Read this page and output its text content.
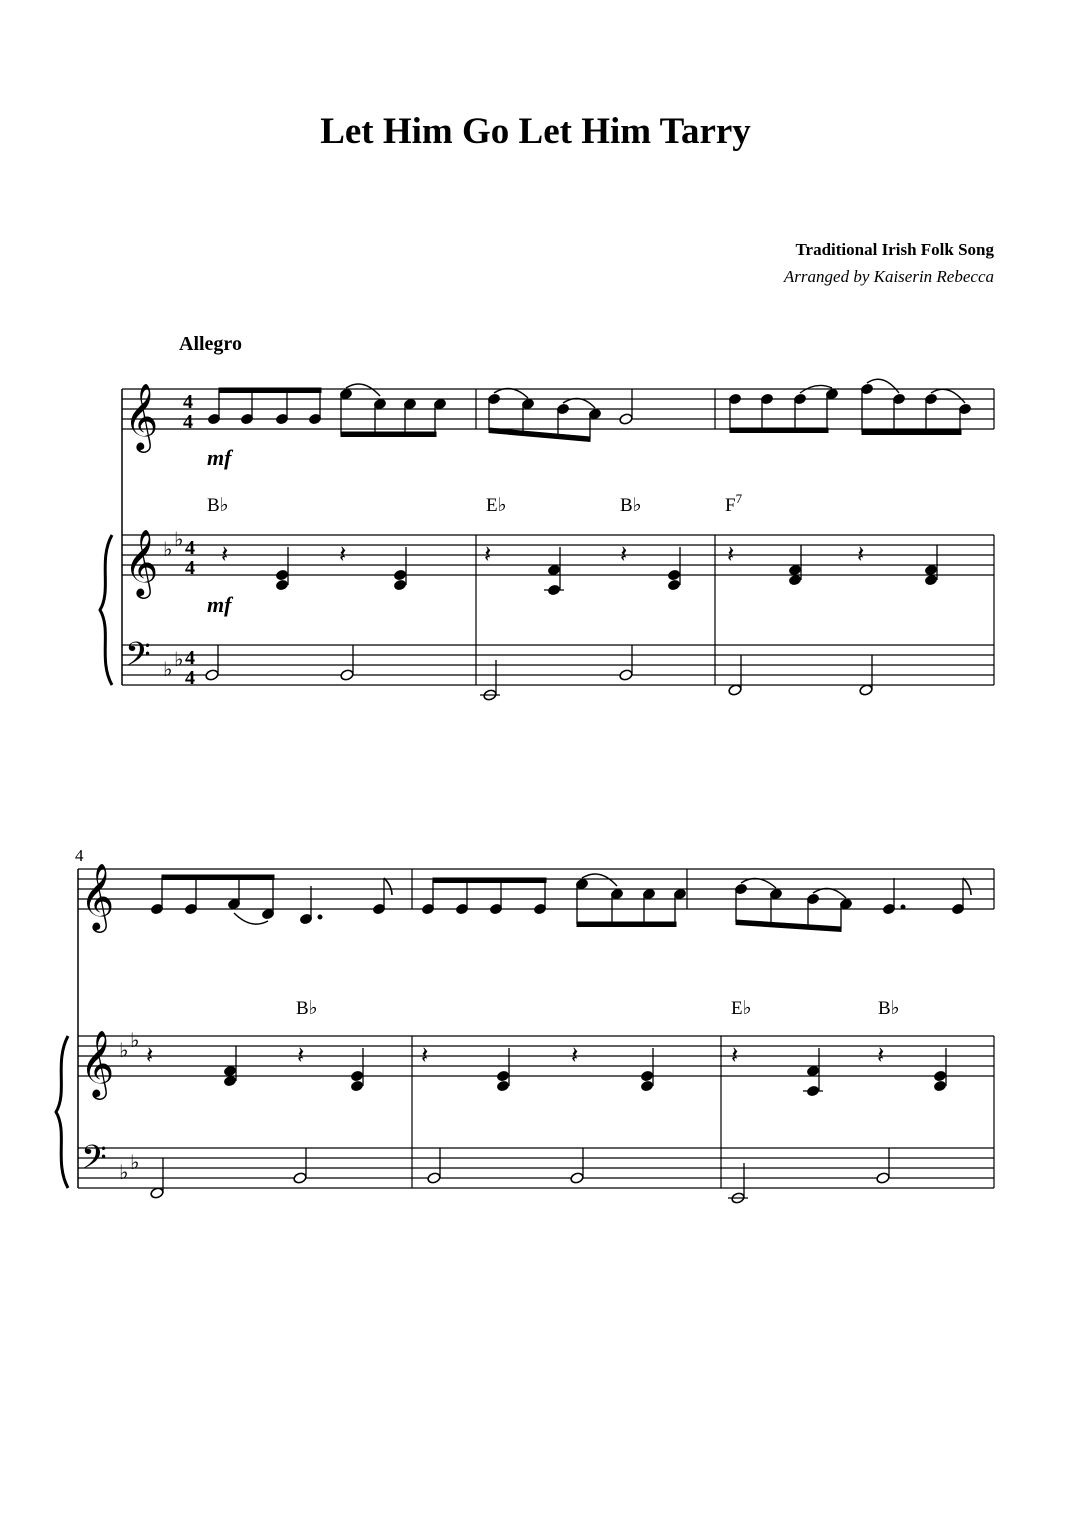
Let Him Go Let Him Tarry
Traditional Irish Folk Song
Arranged by Kaiserin Rebecca
Allegro
𝄞
𝄞
𝄢
♭ ♭
♭ ♭
4
4
4
4
4
4
mf
mf
B♭	E♭	B♭	$F^7$
𝄽	𝄽	𝄽	𝄽	𝄽	𝄽
4
𝄞
𝄞
𝄢
♭ ♭
♭ ♭
B♭	E♭	B♭
𝄽	𝄽	𝄽	𝄽	𝄽	𝄽
